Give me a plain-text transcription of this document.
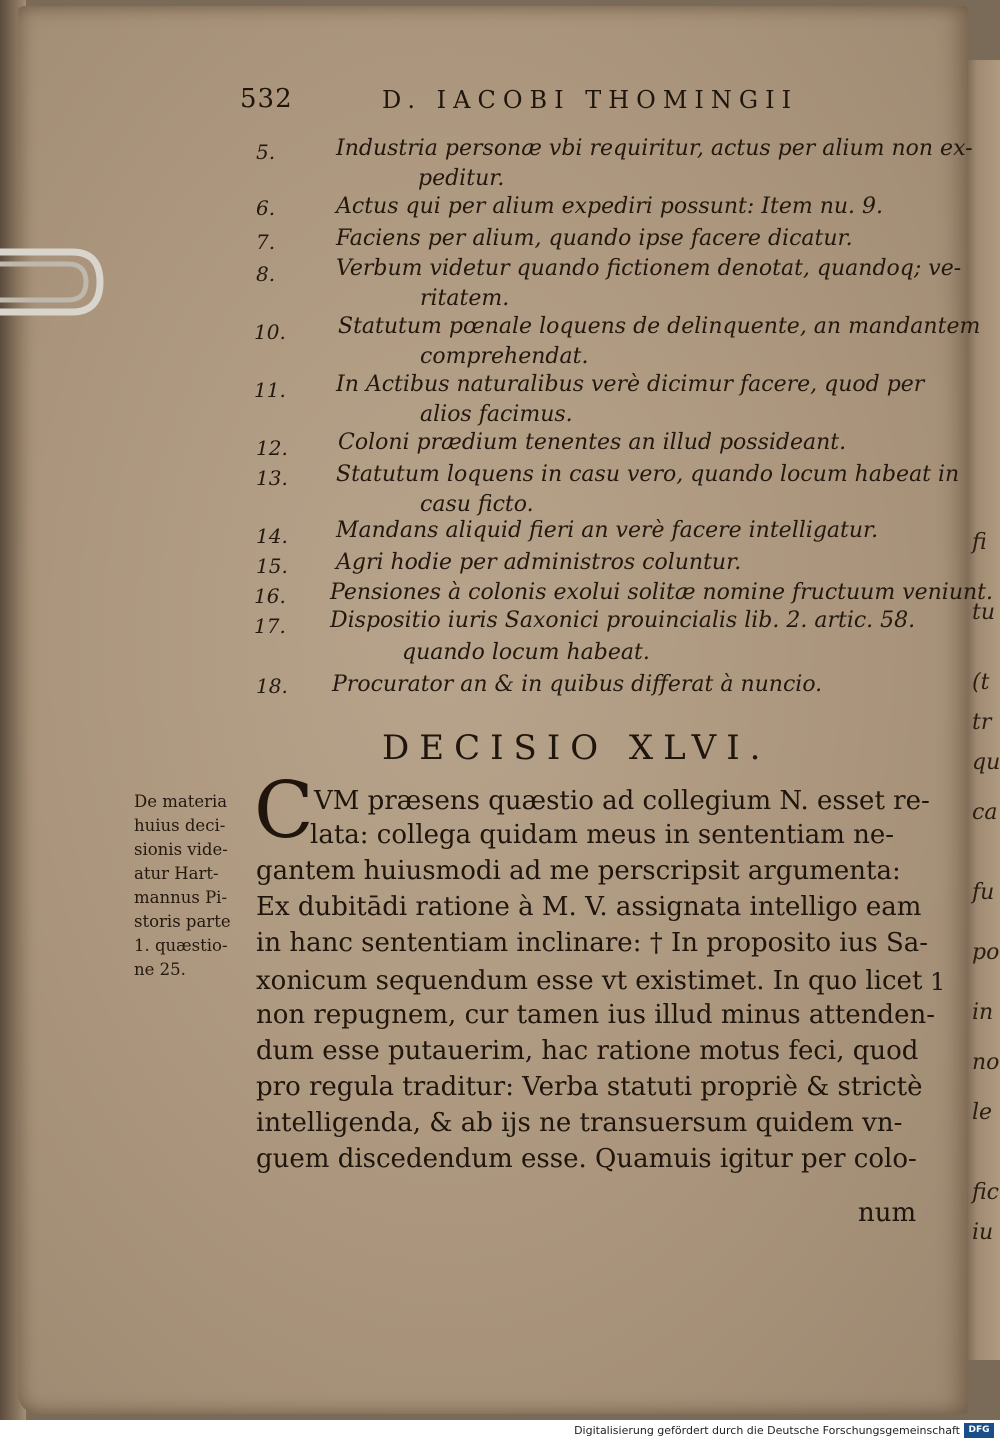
fi
tu
(t
tr
qu
ca
fu
po
in
no
le
fic
iu
532	D. IACOBI THOMINGII
5.	Industria personæ vbi requiritur, actus per alium non ex-
peditur.
6.	Actus qui per alium expediri possunt: Item nu. 9.
7.	Faciens per alium, quando ipse facere dicatur.
8.	Verbum videtur quando fictionem denotat, quandoq; ve-
ritatem.
10. Statutum pœnale loquens de delinquente, an mandantem
comprehendat.
11. In Actibus naturalibus verè dicimur facere, quod per
alios facimus.
12. Coloni prædium tenentes an illud possideant.
13. Statutum loquens in casu vero, quando locum habeat in
casu ficto.
14. Mandans aliquid fieri an verè facere intelligatur.
15. Agri hodie per administros coluntur.
16. Pensiones à colonis exolui solitæ nomine fructuum veniunt.
17. Dispositio iuris Saxonici prouincialis lib. 2. artic. 58.
quando locum habeat.
18. Procurator an & in quibus differat à nuncio.
DECISIO XLVI.
De materia
huius deci-
sionis vide-
atur Hart-
mannus Pi-
storis parte
1. quæstio-
ne 25.
C VM præsens quæstio ad collegium N. esset re-
lata: collega quidam meus in sententiam ne-
gantem huiusmodi ad me perscripsit argumenta:
Ex dubitādi ratione à M. V. assignata intelligo eam
in hanc sententiam inclinare: † In proposito ius Sa-
xonicum sequendum esse vt existimet. In quo licet
non repugnem, cur tamen ius illud minus attenden-
dum esse putauerim, hac ratione motus feci, quod
pro regula traditur: Verba statuti propriè & strictè
intelligenda, & ab ijs ne transuersum quidem vn-
guem discedendum esse. Quamuis igitur per colo-
num
1
Digitalisierung gefördert durch die Deutsche Forschungsgemeinschaft DFG
